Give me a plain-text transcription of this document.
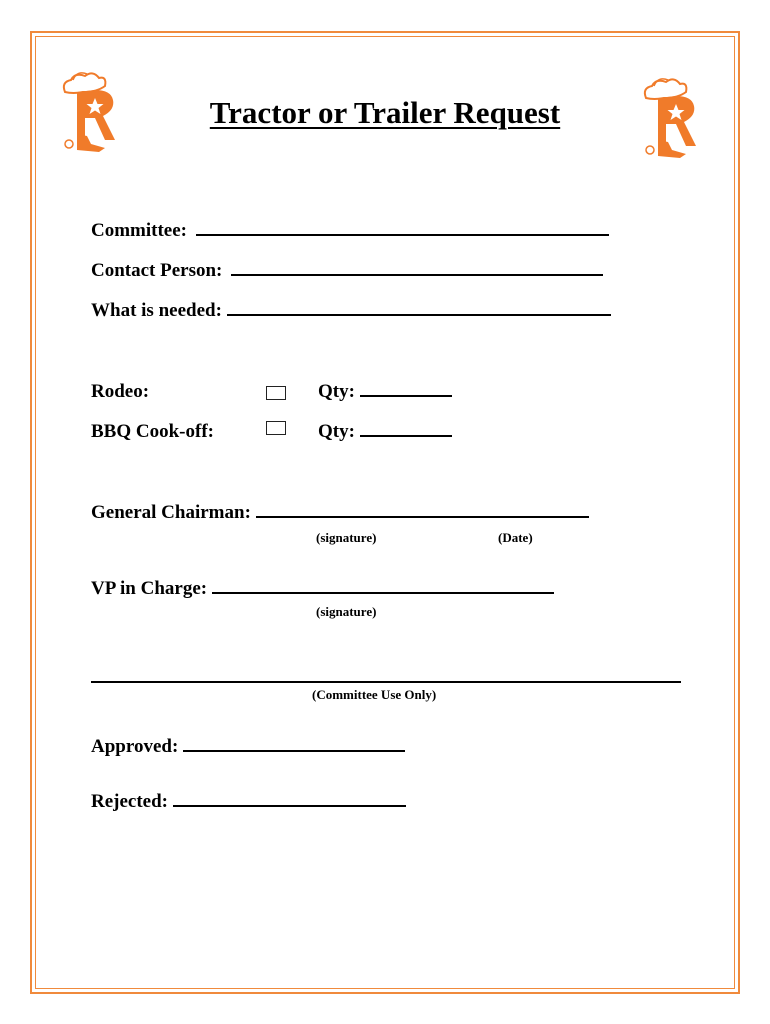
Tractor or Trailer Request
Committee:
Contact Person:
What is needed:
Rodeo:	Qty:
BBQ Cook-off:	Qty:
General Chairman:
(signature)	(Date)
VP in Charge:
(signature)
(Committee Use Only)
Approved:
Rejected:
